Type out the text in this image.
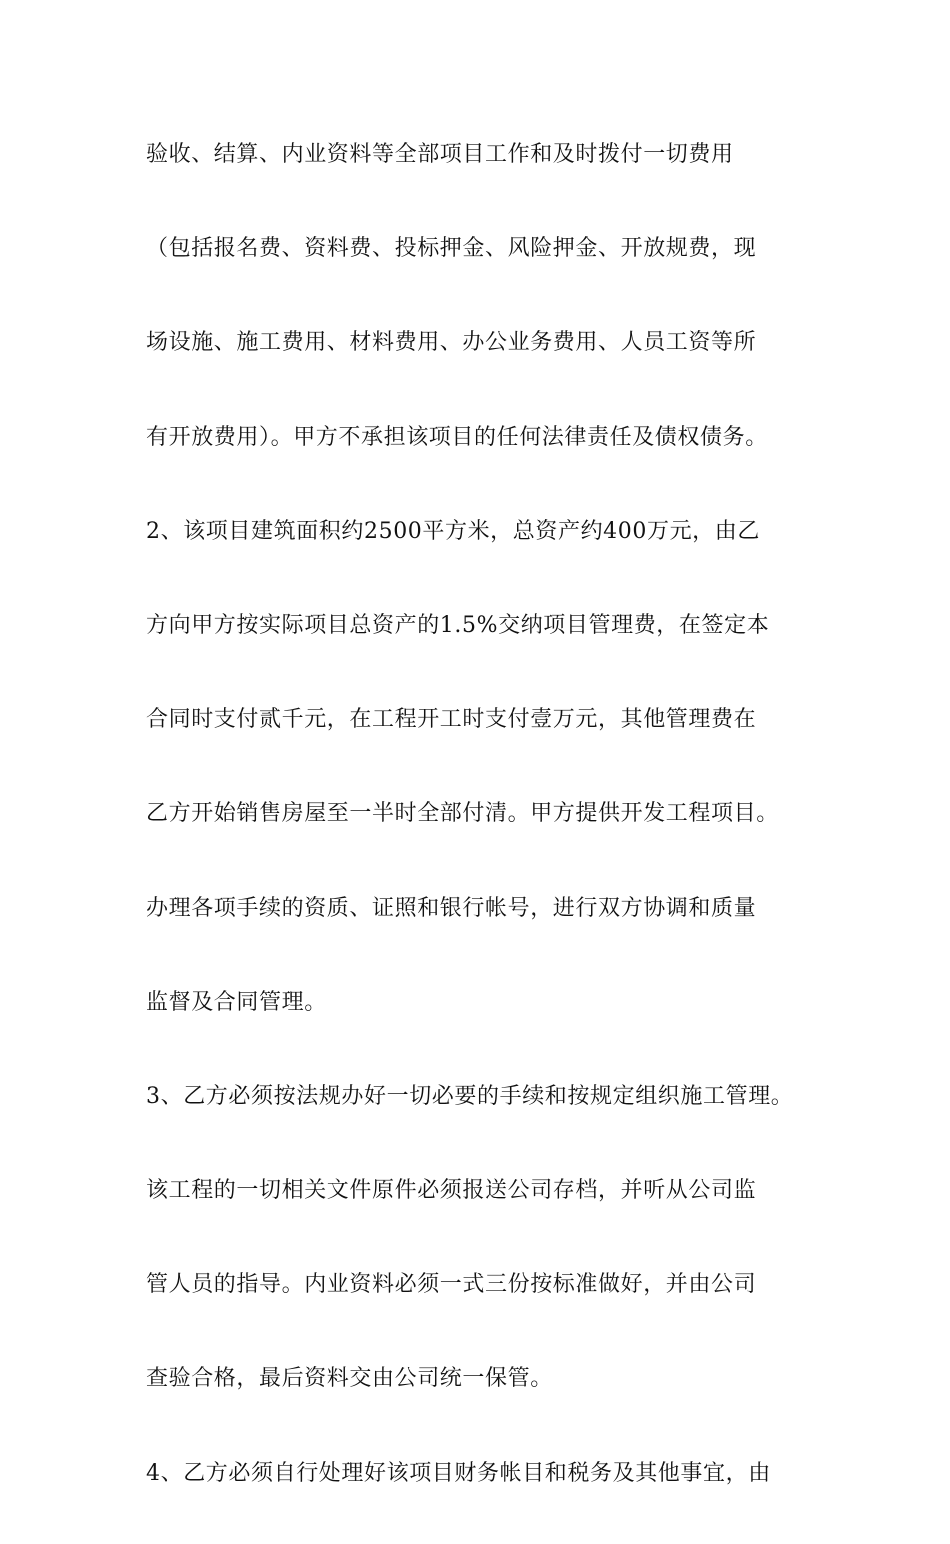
验收、结算、内业资料等全部项目工作和及时拨付一切费用
（包括报名费、资料费、投标押金、风险押金、开放规费，现
场设施、施工费用、材料费用、办公业务费用、人员工资等所
有开放费用）。甲方不承担该项目的任何法律责任及债权债务。
2、该项目建筑面积约2500平方米，总资产约400万元，由乙
方向甲方按实际项目总资产的1.5%交纳项目管理费，在签定本
合同时支付贰千元，在工程开工时支付壹万元，其他管理费在
乙方开始销售房屋至一半时全部付清。甲方提供开发工程项目。
办理各项手续的资质、证照和银行帐号，进行双方协调和质量
监督及合同管理。
3、乙方必须按法规办好一切必要的手续和按规定组织施工管理。
该工程的一切相关文件原件必须报送公司存档，并听从公司监
管人员的指导。内业资料必须一式三份按标准做好，并由公司
查验合格，最后资料交由公司统一保管。
4、乙方必须自行处理好该项目财务帐目和税务及其他事宜，由
